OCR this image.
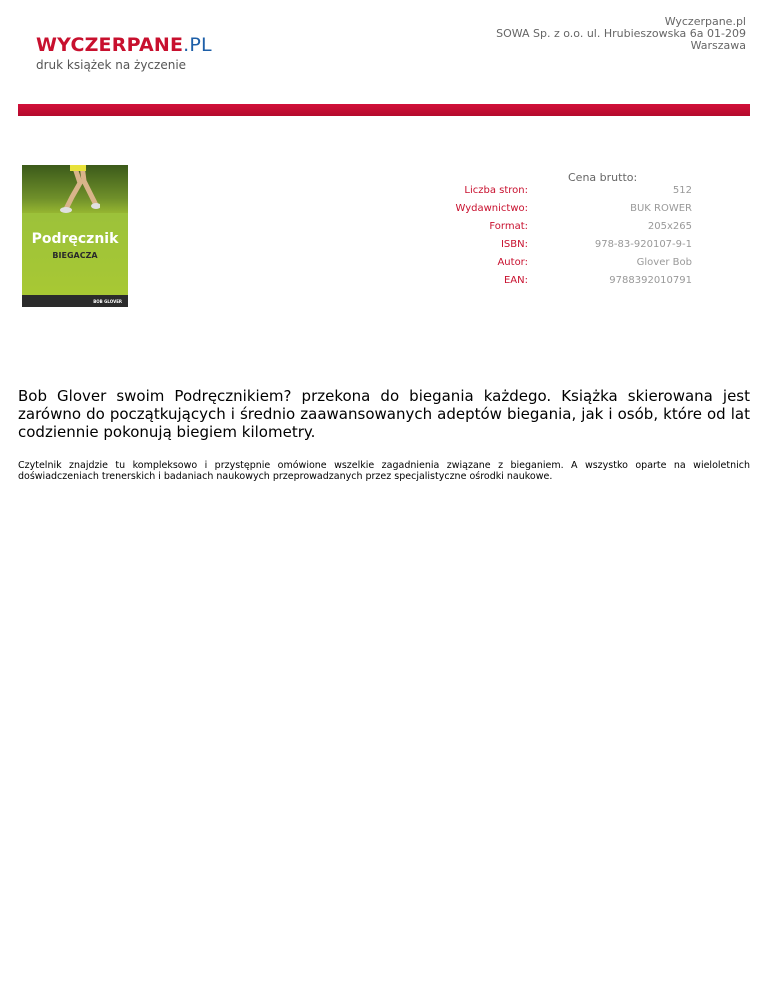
WYCZERPANE.PL
druk książek na życzenie
Wyczerpane.pl
SOWA Sp. z o.o. ul. Hrubieszowska 6a 01-209
Warszawa
Podręcznik
BIEGACZA
BOB GLOVER
Cena brutto:
Liczba stron:	512
Wydawnictwo:	BUK ROWER
Format:	205x265
ISBN:	978-83-920107-9-1
Autor:	Glover Bob
EAN:	9788392010791

Bob Glover swoim Podręcznikiem? przekona do biegania każdego. Książka skierowana jest zarówno do początkujących i średnio zaawansowanych adeptów biegania, jak i osób, które od lat codziennie pokonują biegiem kilometry.

Czytelnik znajdzie tu kompleksowo i przystępnie omówione wszelkie zagadnienia związane z bieganiem. A wszystko oparte na wieloletnich doświadczeniach trenerskich i badaniach naukowych przeprowadzanych przez specjalistyczne ośrodki naukowe.
